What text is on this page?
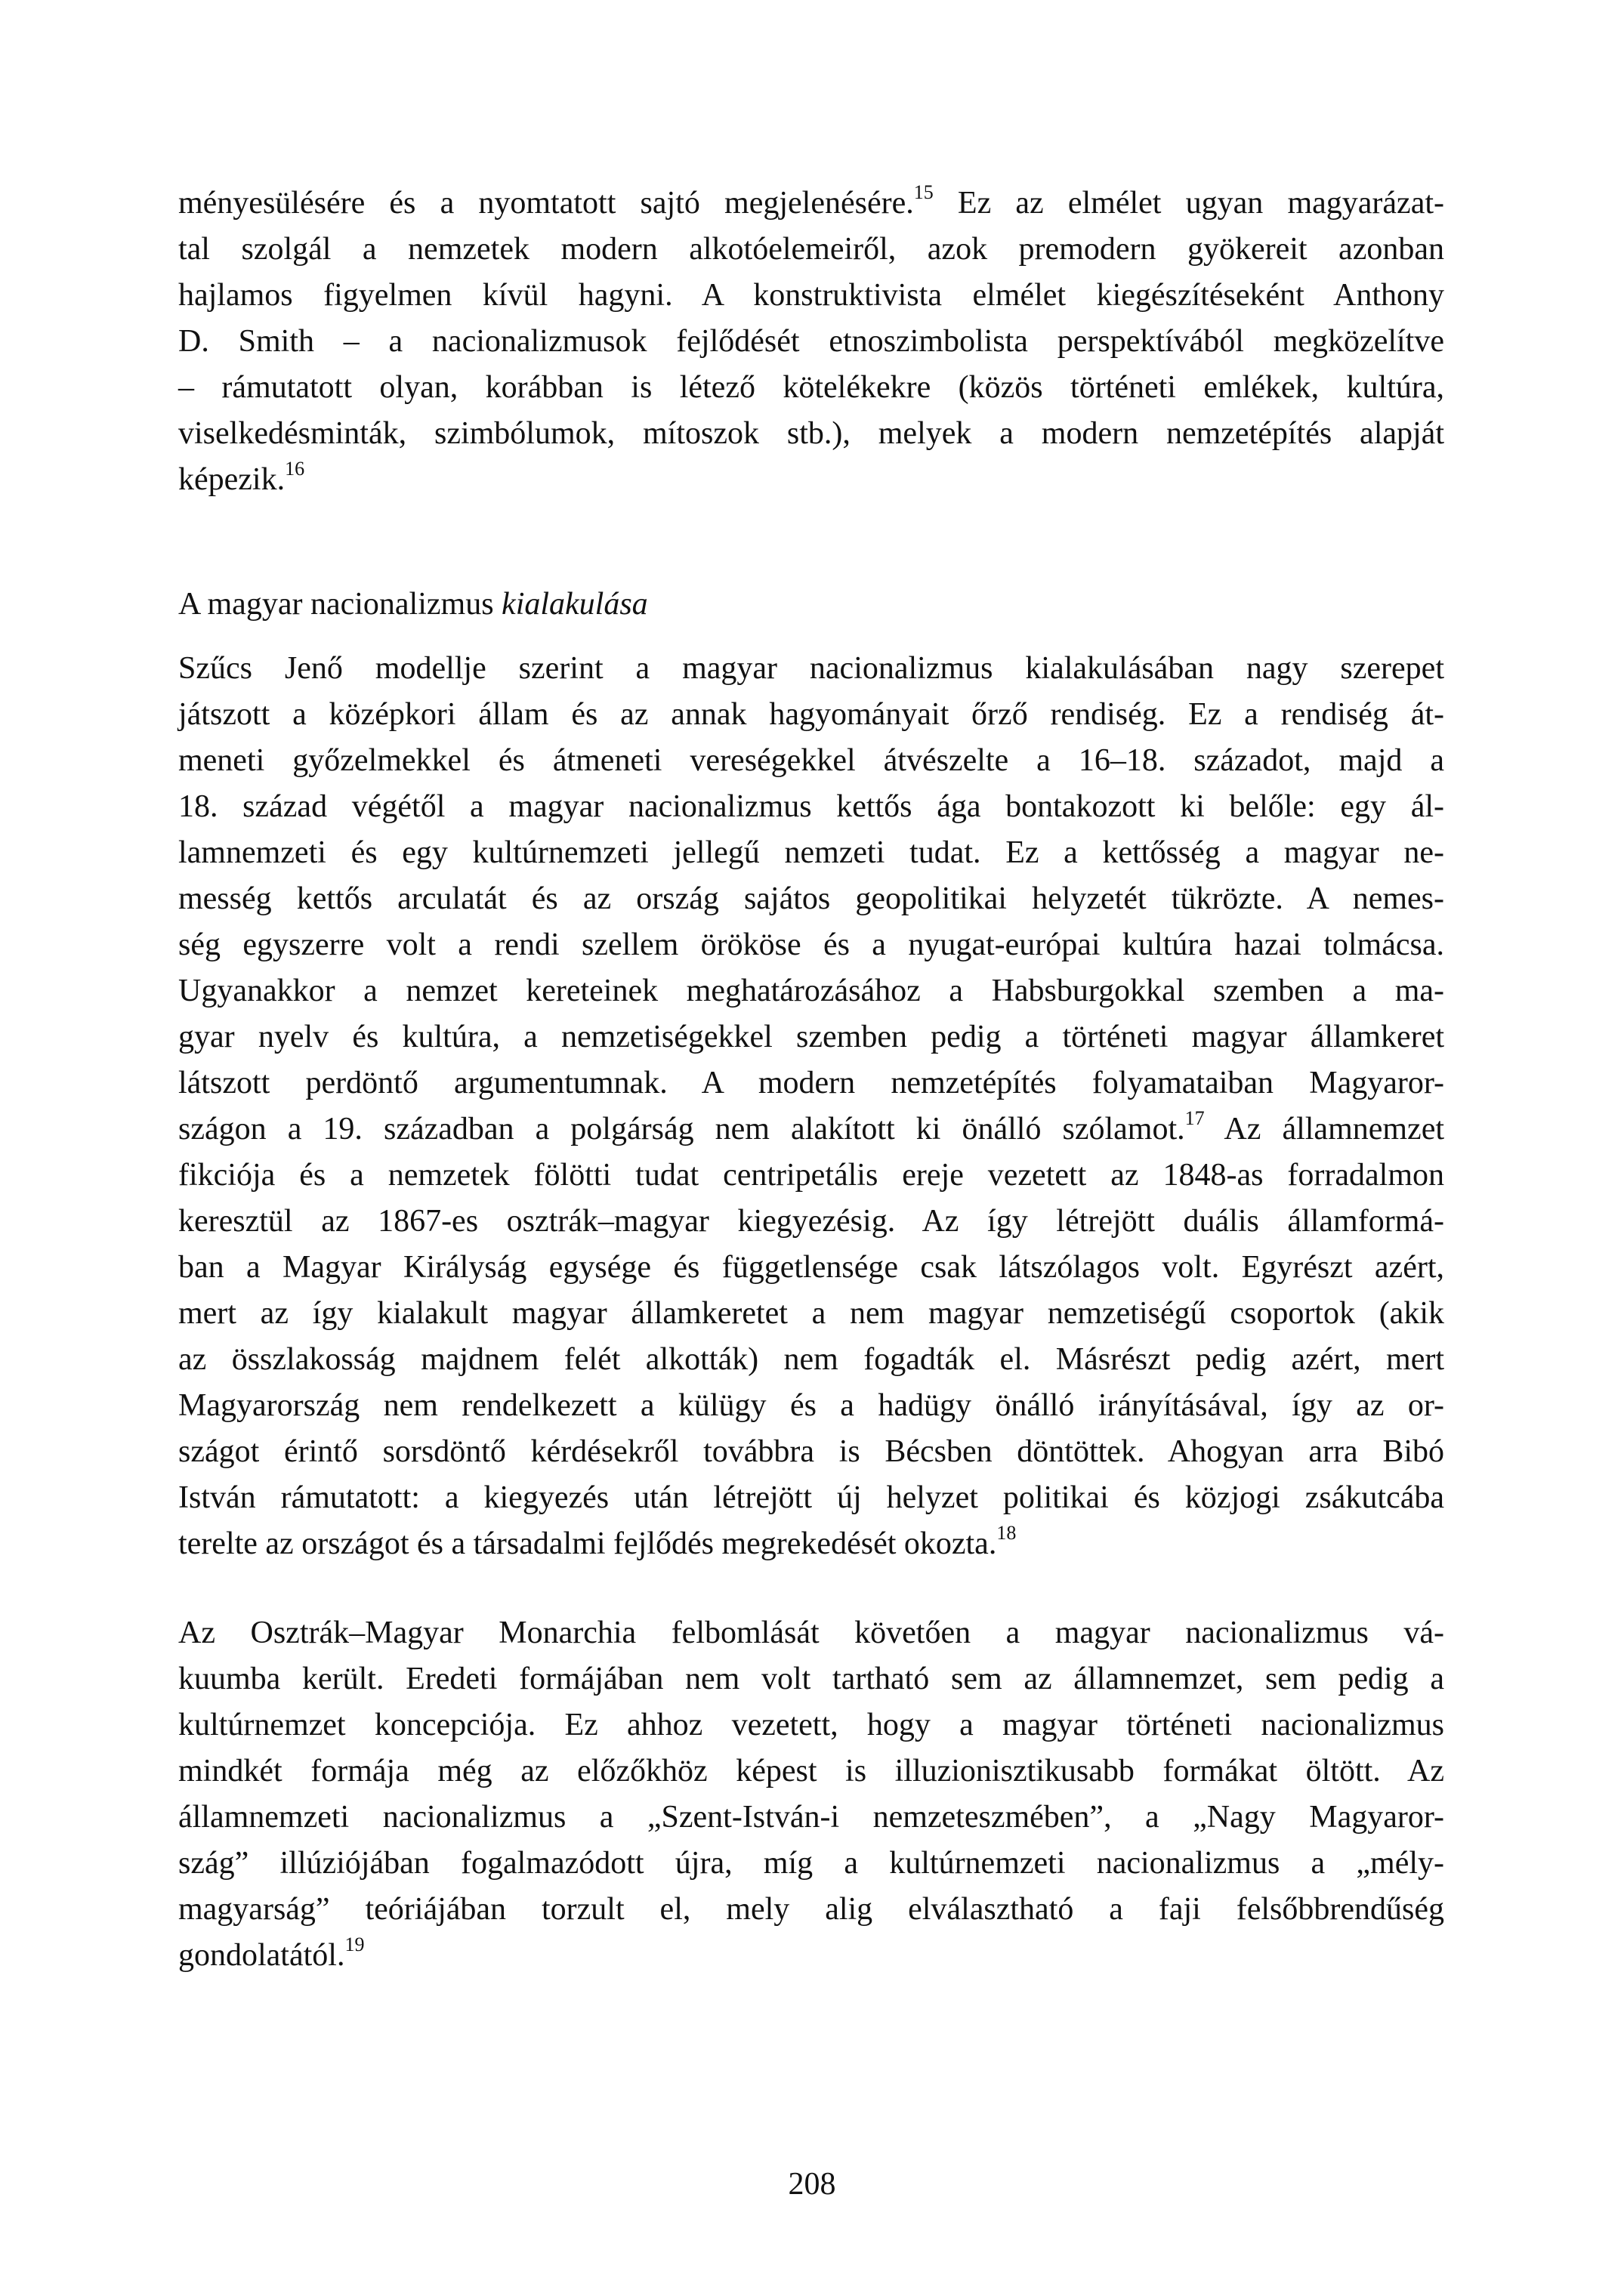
ményesülésére és a nyomtatott sajtó megjelenésére.$^{15}$ Ez az elmélet ugyan magyarázat-
tal szolgál a nemzetek modern alkotóelemeiről, azok premodern gyökereit azonban
hajlamos figyelmen kívül hagyni. A konstruktivista elmélet kiegészítéseként Anthony
D. Smith – a nacionalizmusok fejlődését etnoszimbolista perspektívából megközelítve
– rámutatott olyan, korábban is létező kötelékekre (közös történeti emlékek, kultúra,
viselkedésminták, szimbólumok, mítoszok stb.), melyek a modern nemzetépítés alapját
képezik.$^{16}$
A magyar nacionalizmus kialakulása
Szűcs Jenő modellje szerint a magyar nacionalizmus kialakulásában nagy szerepet
játszott a középkori állam és az annak hagyományait őrző rendiség. Ez a rendiség át-
meneti győzelmekkel és átmeneti vereségekkel átvészelte a 16–18. századot, majd a
18. század végétől a magyar nacionalizmus kettős ága bontakozott ki belőle: egy ál-
lamnemzeti és egy kultúrnemzeti jellegű nemzeti tudat. Ez a kettősség a magyar ne-
messég kettős arculatát és az ország sajátos geopolitikai helyzetét tükrözte. A nemes-
ség egyszerre volt a rendi szellem örököse és a nyugat-európai kultúra hazai tolmácsa.
Ugyanakkor a nemzet kereteinek meghatározásához a Habsburgokkal szemben a ma-
gyar nyelv és kultúra, a nemzetiségekkel szemben pedig a történeti magyar államkeret
látszott perdöntő argumentumnak. A modern nemzetépítés folyamataiban Magyaror-
szágon a 19. században a polgárság nem alakított ki önálló szólamot.$^{17}$ Az államnemzet
fikciója és a nemzetek fölötti tudat centripetális ereje vezetett az 1848-as forradalmon
keresztül az 1867-es osztrák–magyar kiegyezésig. Az így létrejött duális államformá-
ban a Magyar Királyság egysége és függetlensége csak látszólagos volt. Egyrészt azért,
mert az így kialakult magyar államkeretet a nem magyar nemzetiségű csoportok (akik
az összlakosság majdnem felét alkották) nem fogadták el. Másrészt pedig azért, mert
Magyarország nem rendelkezett a külügy és a hadügy önálló irányításával, így az or-
szágot érintő sorsdöntő kérdésekről továbbra is Bécsben döntöttek. Ahogyan arra Bibó
István rámutatott: a kiegyezés után létrejött új helyzet politikai és közjogi zsákutcába
terelte az országot és a társadalmi fejlődés megrekedését okozta.$^{18}$
Az Osztrák–Magyar Monarchia felbomlását követően a magyar nacionalizmus vá-
kuumba került. Eredeti formájában nem volt tartható sem az államnemzet, sem pedig a
kultúrnemzet koncepciója. Ez ahhoz vezetett, hogy a magyar történeti nacionalizmus
mindkét formája még az előzőkhöz képest is illuzionisztikusabb formákat öltött. Az
államnemzeti nacionalizmus a „Szent-István-i nemzeteszmében”, a „Nagy Magyaror-
szág” illúziójában fogalmazódott újra, míg a kultúrnemzeti nacionalizmus a „mély-
magyarság” teóriájában torzult el, mely alig elválasztható a faji felsőbbrendűség
gondolatától.$^{19}$
208
